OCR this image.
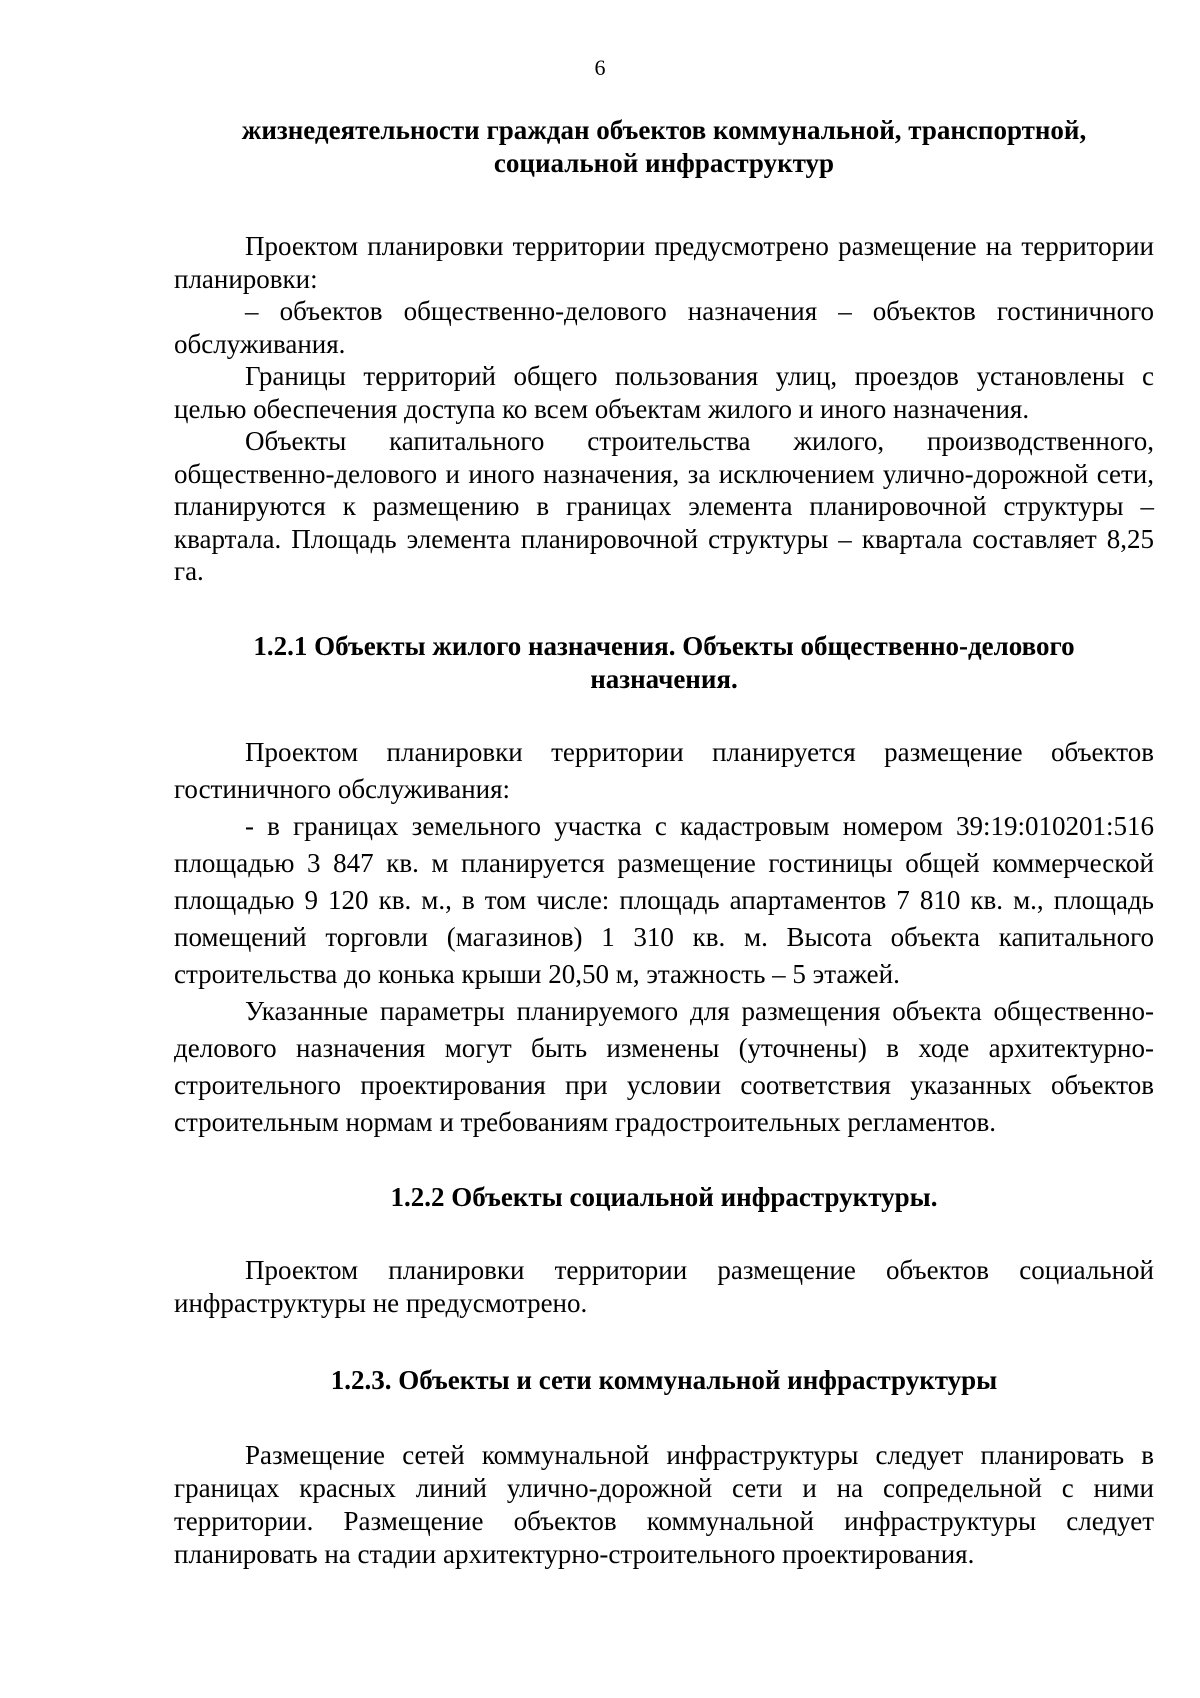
6

жизнедеятельности граждан объектов коммунальной, транспортной,

социальной инфраструктур

Проектом планировки территории предусмотрено размещение на территории планировки:

– объектов общественно-делового назначения – объектов гостиничного обслуживания.

Границы территорий общего пользования улиц, проездов установлены с целью обеспечения доступа ко всем объектам жилого и иного назначения.

Объекты капитального строительства жилого, производственного, общественно-делового и иного назначения, за исключением улично-дорожной сети, планируются к размещению в границах элемента планировочной структуры – квартала. Площадь элемента планировочной структуры – квартала составляет 8,25 га.

1.2.1 Объекты жилого назначения. Объекты общественно-делового

назначения.

Проектом планировки территории планируется размещение объектов гостиничного обслуживания:

- в границах земельного участка с кадастровым номером 39:19:010201:516 площадью 3 847 кв. м планируется размещение гостиницы общей коммерческой площадью 9 120 кв. м., в том числе: площадь апартаментов 7 810 кв. м., площадь помещений торговли (магазинов) 1 310 кв. м. Высота объекта капитального строительства до конька крыши 20,50 м, этажность – 5 этажей.

Указанные параметры планируемого для размещения объекта общественно-делового назначения могут быть изменены (уточнены) в ходе архитектурно-строительного проектирования при условии соответствия указанных объектов строительным нормам и требованиям градостроительных регламентов.

1.2.2 Объекты социальной инфраструктуры.

Проектом планировки территории размещение объектов социальной инфраструктуры не предусмотрено.

1.2.3. Объекты и сети коммунальной инфраструктуры

Размещение сетей коммунальной инфраструктуры следует планировать в границах красных линий улично-дорожной сети и на сопредельной с ними территории. Размещение объектов коммунальной инфраструктуры следует планировать на стадии архитектурно-строительного проектирования.
